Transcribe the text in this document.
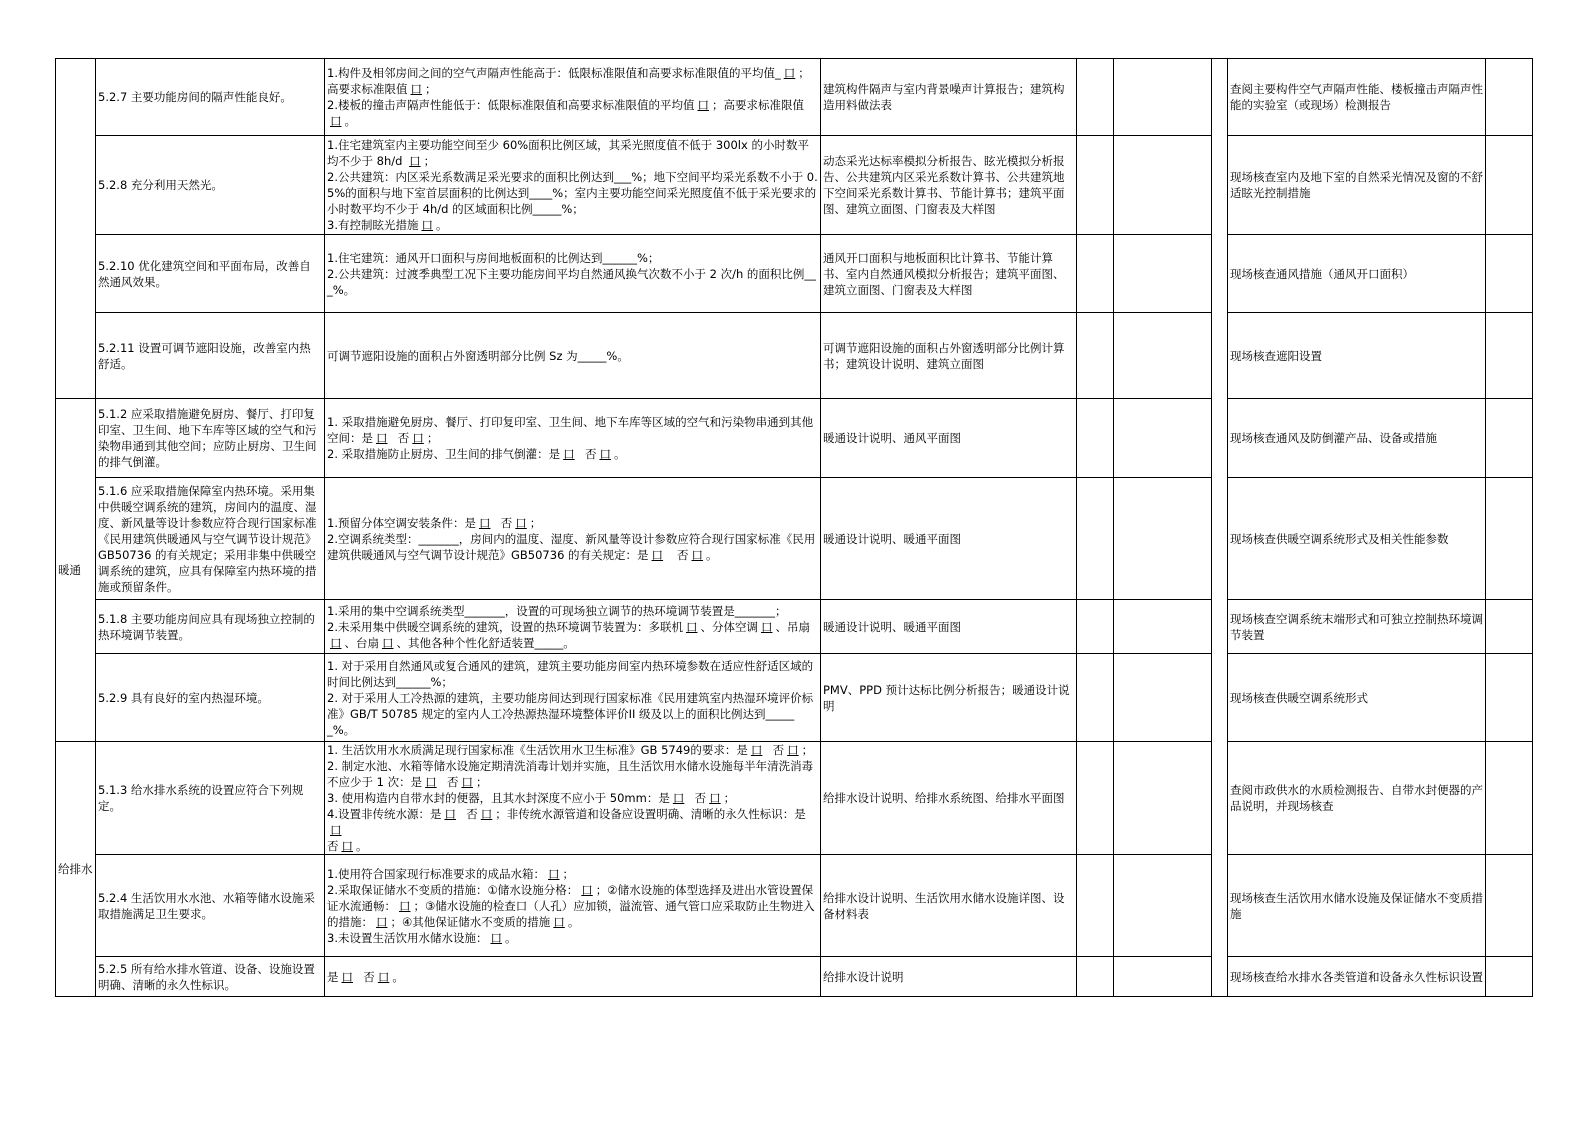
	5.2.7 主要功能房间的隔声性能良好。	1.构件及相邻房间之间的空气声隔声性能高于：低限标准限值和高要求标准限值的平均值_ 口 ；高要求标准限值 口 ；
2.楼板的撞击声隔声性能低于：低限标准限值和高要求标准限值的平均值 口 ；高要求标准限值口 。	建筑构件隔声与室内背景噪声计算报告；建筑构造用料做法表				查阅主要构件空气声隔声性能、楼板撞击声隔声性能的实验室（或现场）检测报告	
	5.2.8 充分利用天然光。	1.住宅建筑室内主要功能空间至少 60%面积比例区域，其采光照度值不低于 300lx 的小时数平均不少于 8h/d 口 ；
2.公共建筑：内区采光系数满足采光要求的面积比例达到___%；地下空间平均采光系数不小于 0.5%的面积与地下室首层面积的比例达到____%；室内主要功能空间采光照度值不低于采光要求的小时数平均不少于 4h/d 的区域面积比例_____%；
3.有控制眩光措施 口 。	动态采光达标率模拟分析报告、眩光模拟分析报告、公共建筑内区采光系数计算书、公共建筑地下空间采光系数计算书、节能计算书；建筑平面图、建筑立面图、门窗表及大样图				现场核查室内及地下室的自然采光情况及窗的不舒适眩光控制措施	
	5.2.10 优化建筑空间和平面布局，改善自然通风效果。	1.住宅建筑：通风开口面积与房间地板面积的比例达到______%；
2.公共建筑：过渡季典型工况下主要功能房间平均自然通风换气次数不小于 2 次/h 的面积比例___%。	通风开口面积与地板面积比计算书、节能计算书、室内自然通风模拟分析报告；建筑平面图、建筑立面图、门窗表及大样图				现场核查通风措施（通风开口面积）	
	5.2.11 设置可调节遮阳设施，改善室内热舒适。	可调节遮阳设施的面积占外窗透明部分比例 Sz 为_____%。	可调节遮阳设施的面积占外窗透明部分比例计算书；建筑设计说明、建筑立面图				现场核查遮阳设置	
暖通	5.1.2 应采取措施避免厨房、餐厅、打印复印室、卫生间、地下车库等区域的空气和污染物串通到其他空间；应防止厨房、卫生间的排气倒灌。	1. 采取措施避免厨房、餐厅、打印复印室、卫生间、地下车库等区域的空气和污染物串通到其他空间：是 口  否 口 ；
2. 采取措施防止厨房、卫生间的排气倒灌：是 口  否 口 。	暖通设计说明、通风平面图				现场核查通风及防倒灌产品、设备或措施	
	5.1.6 应采取措施保障室内热环境。采用集中供暖空调系统的建筑，房间内的温度、湿度、新风量等设计参数应符合现行国家标准《民用建筑供暖通风与空气调节设计规范》GB50736 的有关规定；采用非集中供暖空调系统的建筑，应具有保障室内热环境的措施或预留条件。	1.预留分体空调安装条件：是 口  否 口 ；
2.空调系统类型：_______，房间内的温度、湿度、新风量等设计参数应符合现行国家标准《民用建筑供暖通风与空气调节设计规范》GB50736 的有关规定：是 口   否 口 。	暖通设计说明、暖通平面图				现场核查供暖空调系统形式及相关性能参数	
	5.1.8 主要功能房间应具有现场独立控制的热环境调节装置。	1.采用的集中空调系统类型_______，设置的可现场独立调节的热环境调节装置是_______；
2.未采用集中供暖空调系统的建筑，设置的热环境调节装置为：多联机 口 、分体空调 口 、吊扇口 、台扇 口 、其他各种个性化舒适装置_____。	暖通设计说明、暖通平面图				现场核查空调系统末端形式和可独立控制热环境调节装置	
	5.2.9 具有良好的室内热湿环境。	1. 对于采用自然通风或复合通风的建筑，建筑主要功能房间室内热环境参数在适应性舒适区域的时间比例达到______%；
2. 对于采用人工冷热源的建筑，主要功能房间达到现行国家标准《民用建筑室内热湿环境评价标准》GB/T 50785 规定的室内人工冷热源热湿环境整体评价II 级及以上的面积比例达到______%。	PMV、PPD 预计达标比例分析报告；暖通设计说明				现场核查供暖空调系统形式	
给排水	5.1.3 给水排水系统的设置应符合下列规定。	1. 生活饮用水水质满足现行国家标准《生活饮用水卫生标准》GB 5749的要求：是 口  否 口 ；
2. 制定水池、水箱等储水设施定期清洗消毒计划并实施，且生活饮用水储水设施每半年清洗消毒不应少于 1 次：是 口  否 口 ；
3. 使用构造内自带水封的便器，且其水封深度不应小于 50mm：是 口  否 口 ；
4.设置非传统水源：是 口  否 口 ；非传统水源管道和设备应设置明确、清晰的永久性标识：是口
否 口 。	给排水设计说明、给排水系统图、给排水平面图				查阅市政供水的水质检测报告、自带水封便器的产品说明，并现场核查	
	5.2.4 生活饮用水水池、水箱等储水设施采取措施满足卫生要求。	1.使用符合国家现行标准要求的成品水箱： 口 ；
2.采取保证储水不变质的措施：①储水设施分格： 口 ；②储水设施的体型选择及进出水管设置保证水流通畅： 口 ；③储水设施的检查口（人孔）应加锁，溢流管、通气管口应采取防止生物进入的措施： 口 ；④其他保证储水不变质的措施 口 。
3.未设置生活饮用水储水设施： 口 。	给排水设计说明、生活饮用水储水设施详图、设备材料表				现场核查生活饮用水储水设施及保证储水不变质措施	
	5.2.5 所有给水排水管道、设备、设施设置明确、清晰的永久性标识。	是 口  否 口 。	给排水设计说明				现场核查给水排水各类管道和设备永久性标识设置	
